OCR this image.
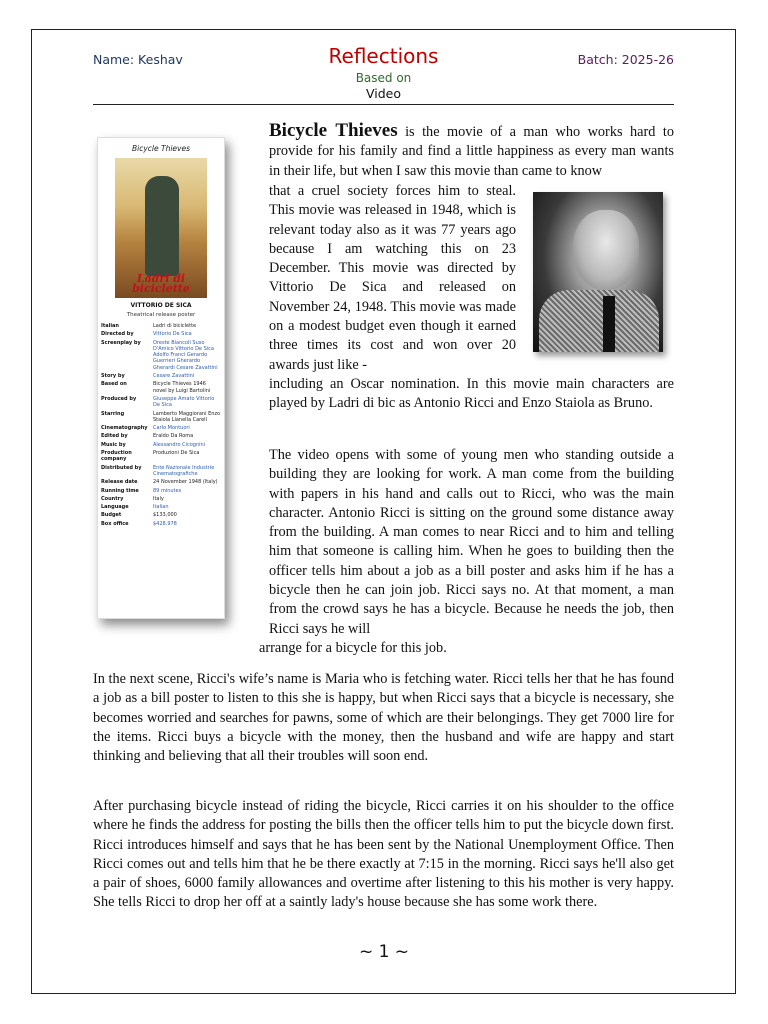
Name: Keshav	Reflections
Based on
Video
Batch: 2025-26
Bicycle Thieves
Ladri di biciclette
VITTORIO DE SICA
Theatrical release poster
Italian	Ladri di biciclette
Directed by	Vittorio De Sica
Screenplay by	Oreste Biancoli Suso D'Amico Vittorio De Sica Adolfo Franci Gerardo Guerrieri Gherardo Gherardi Cesare Zavattini
Story by	Cesare Zavattini
Based on	Bicycle Thieves 1946 novel by Luigi Bartolini
Produced by	Giuseppe Amato Vittorio De Sica
Starring	Lamberto Maggiorani Enzo Staiola Lianella Carell
Cinematography	Carlo Montuori
Edited by	Eraldo Da Roma
Music by	Alessandro Cicognini
Production company	Produzioni De Sica
Distributed by	Ente Nazionale Industrie Cinematografiche
Release date	24 November 1948 (Italy)
Running time	89 minutes
Country	Italy
Language	Italian
Budget	$133,000
Box office	$428,978

Bicycle Thieves is the movie of a man who works hard to provide for his family and find a little happiness as every man wants in their life, but when I saw this movie than came to know

that a cruel society forces him to steal. This movie was released in 1948, which is relevant today also as it was 77 years ago because I am watching this on 23 December. This movie was directed by Vittorio De Sica and released on November 24, 1948. This movie was made on a modest budget even though it earned three times its cost and won over 20 awards just like -

including an Oscar nomination. In this movie main characters are played by Ladri di bic as Antonio Ricci and Enzo Staiola as Bruno.

The video opens with some of young men who standing outside a building they are looking for work. A man come from the building with papers in his hand and calls out to Ricci, who was the main character. Antonio Ricci is sitting on the ground some distance away from the building. A man comes to near Ricci and to him and telling him that someone is calling him. When he goes to building then the officer tells him about a job as a bill poster and asks him if he has a bicycle then he can join job. Ricci says no. At that moment, a man from the crowd says he has a bicycle. Because he needs the job, then Ricci says he will

arrange for a bicycle for this job.

In the next scene, Ricci's wife’s name is Maria who is fetching water. Ricci tells her that he has found a job as a bill poster to listen to this she is happy, but when Ricci says that a bicycle is necessary, she becomes worried and searches for pawns, some of which are their belongings. They get 7000 lire for the items. Ricci buys a bicycle with the money, then the husband and wife are happy and start thinking and believing that all their troubles will soon end.

After purchasing bicycle instead of riding the bicycle, Ricci carries it on his shoulder to the office where he finds the address for posting the bills then the officer tells him to put the bicycle down first. Ricci introduces himself and says that he has been sent by the National Unemployment Office. Then Ricci comes out and tells him that he be there exactly at 7:15 in the morning. Ricci says he'll also get a pair of shoes, 6000 family allowances and overtime after listening to this his mother is very happy. She tells Ricci to drop her off at a saintly lady's house because she has some work there.

~ 1 ~
